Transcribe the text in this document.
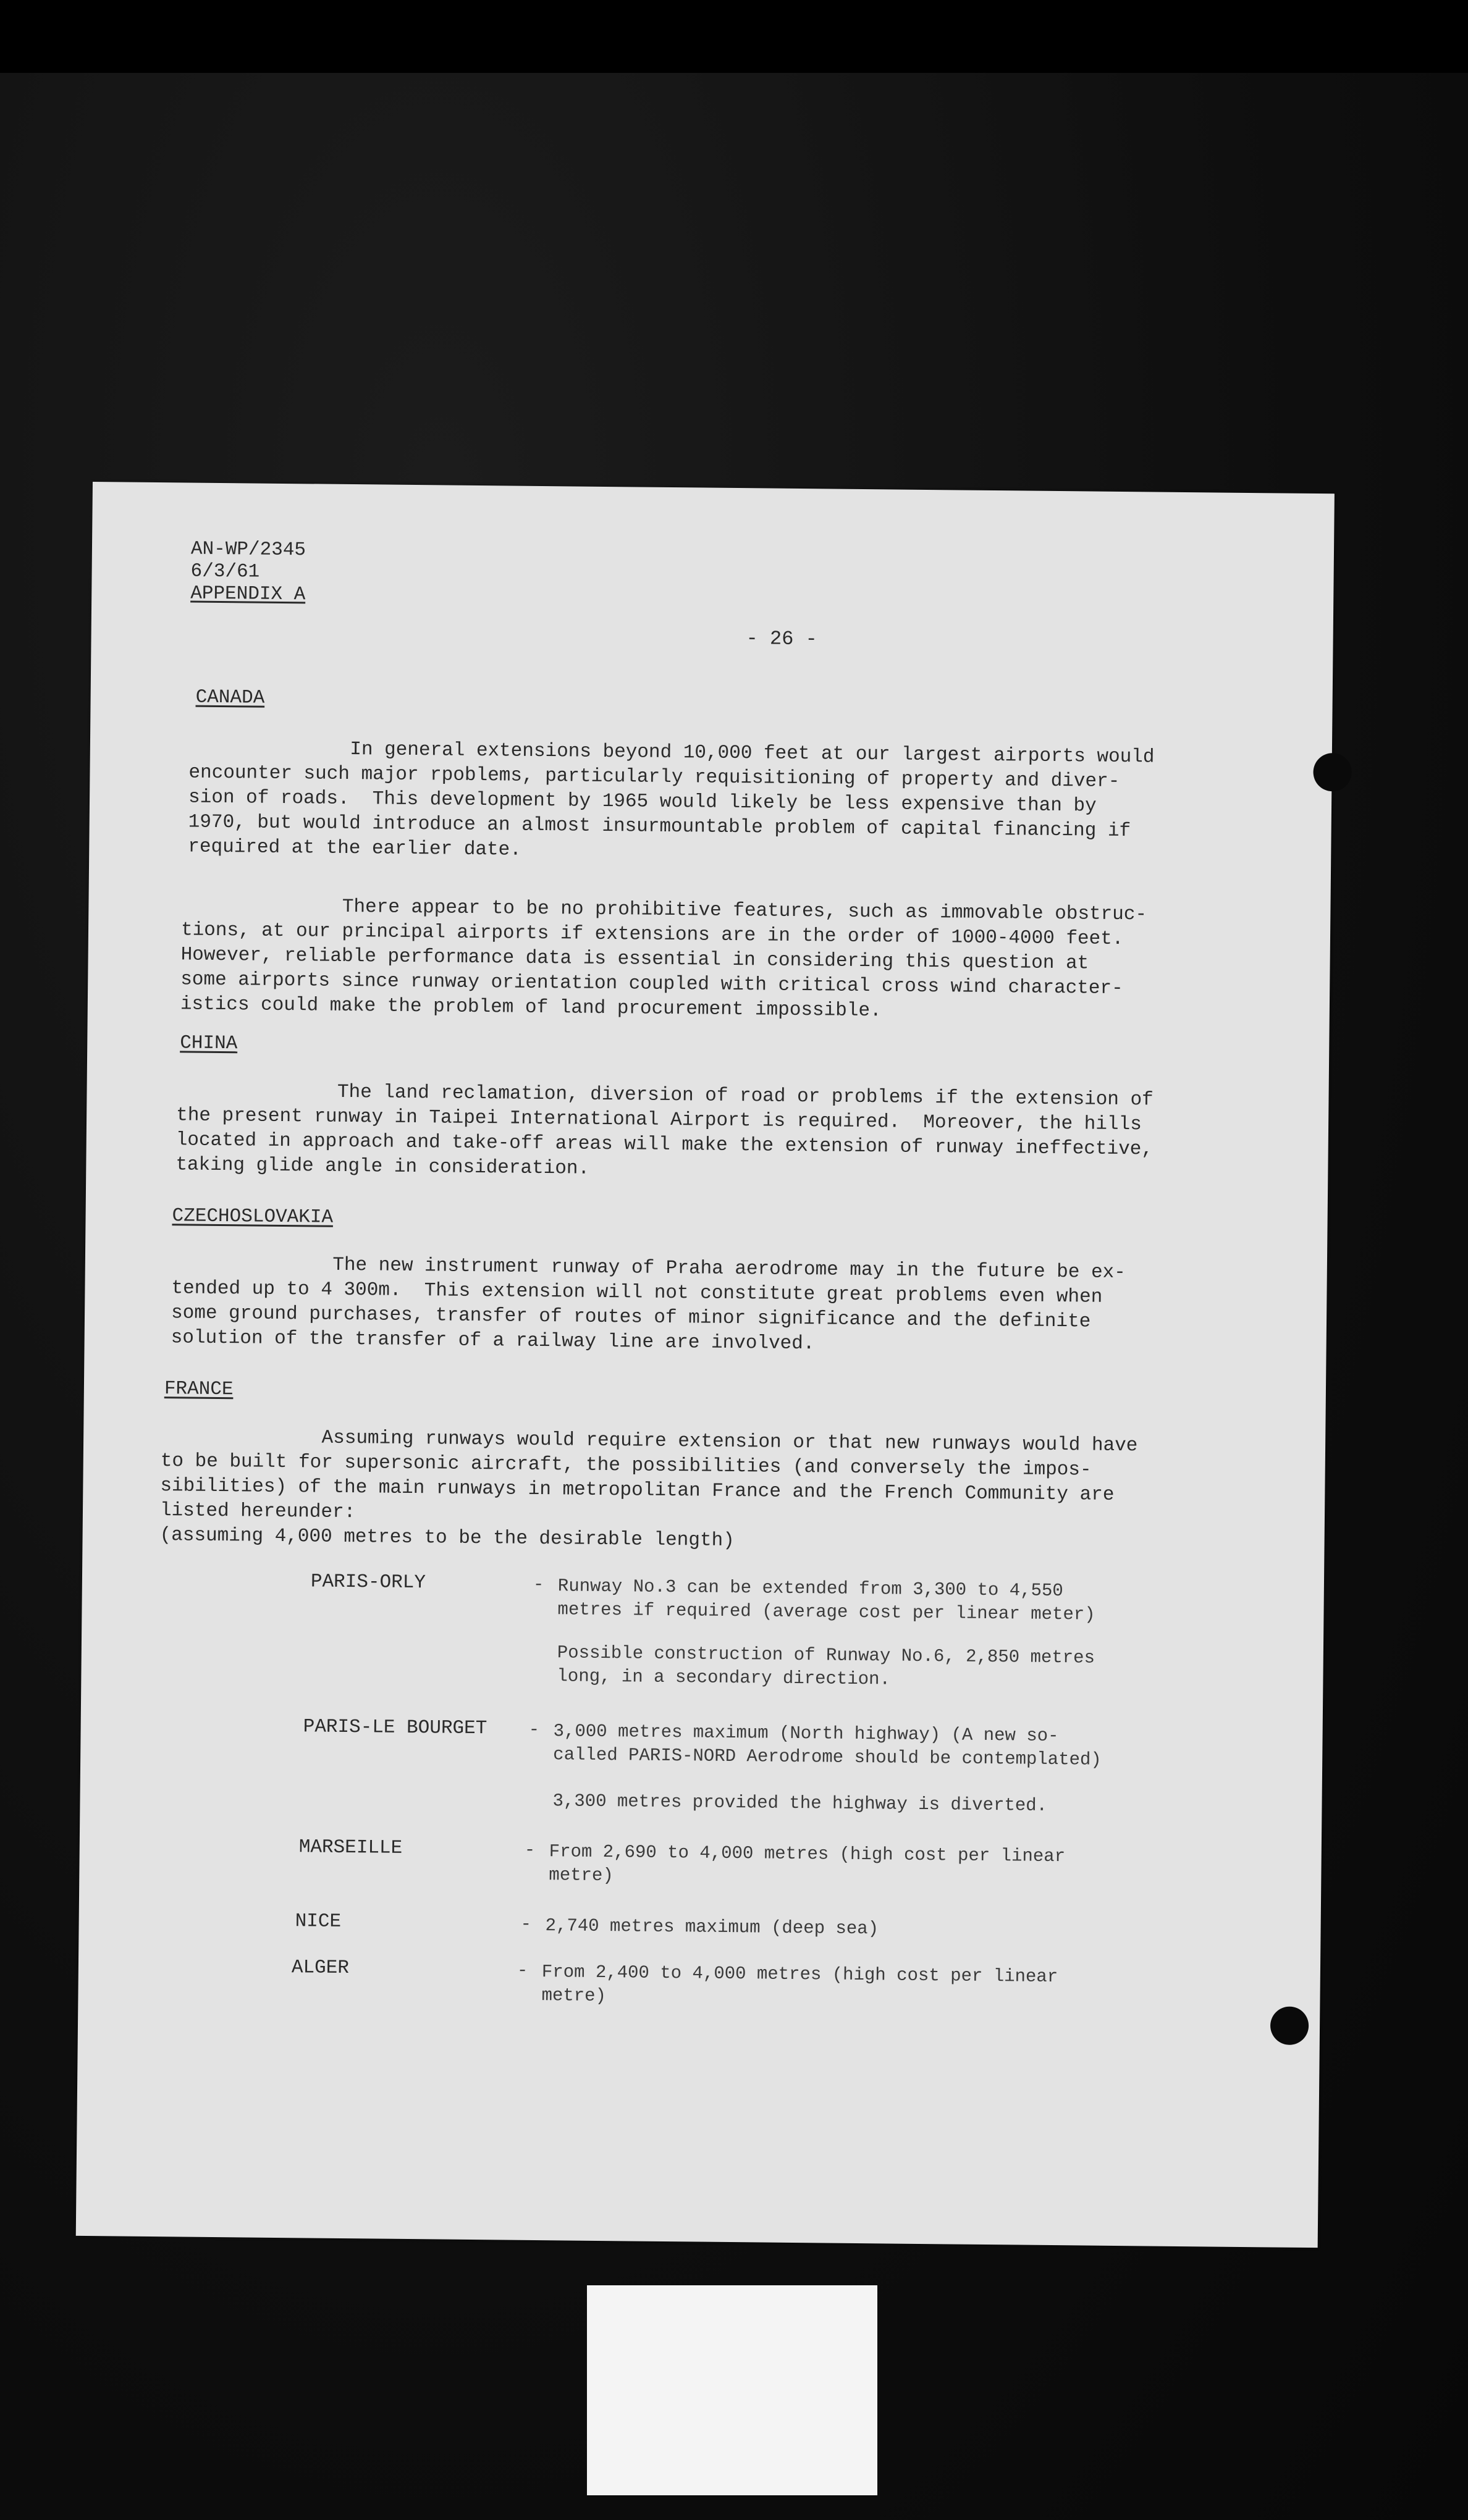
AN-WP/2345
6/3/61
APPENDIX A
- 26 -
CANADA
In general extensions beyond 10,000 feet at our largest airports would
encounter such major rpoblems, particularly requisitioning of property and diver-
sion of roads.  This development by 1965 would likely be less expensive than by
1970, but would introduce an almost insurmountable problem of capital financing if
required at the earlier date.
There appear to be no prohibitive features, such as immovable obstruc-
tions, at our principal airports if extensions are in the order of 1000-4000 feet.
However, reliable performance data is essential in considering this question at
some airports since runway orientation coupled with critical cross wind character-
istics could make the problem of land procurement impossible.
CHINA
The land reclamation, diversion of road or problems if the extension of
the present runway in Taipei International Airport is required.  Moreover, the hills
located in approach and take-off areas will make the extension of runway ineffective,
taking glide angle in consideration.
CZECHOSLOVAKIA
The new instrument runway of Praha aerodrome may in the future be ex-
tended up to 4 300m.  This extension will not constitute great problems even when
some ground purchases, transfer of routes of minor significance and the definite
solution of the transfer of a railway line are involved.
FRANCE
Assuming runways would require extension or that new runways would have
to be built for supersonic aircraft, the possibilities (and conversely the impos-
sibilities) of the main runways in metropolitan France and the French Community are
listed hereunder:
(assuming 4,000 metres to be the desirable length)
PARIS-ORLY	- Runway No.3 can be extended from 3,300 to 4,550
metres if required (average cost per linear meter)
Possible construction of Runway No.6, 2,850 metres
long, in a secondary direction.
PARIS-LE BOURGET - 3,000 metres maximum (North highway) (A new so-
called PARIS-NORD Aerodrome should be contemplated)
3,300 metres provided the highway is diverted.
MARSEILLE	- From 2,690 to 4,000 metres (high cost per linear
metre)
NICE	- 2,740 metres maximum (deep sea)
ALGER	- From 2,400 to 4,000 metres (high cost per linear
metre)
